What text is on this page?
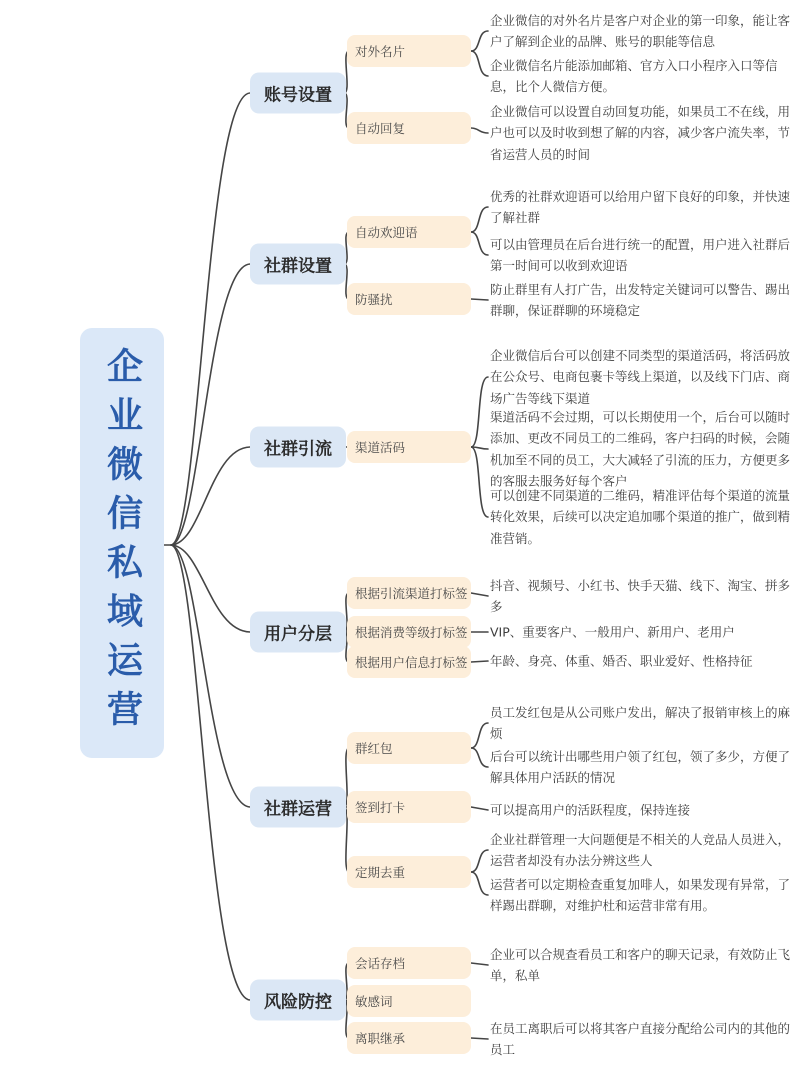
企业微信私域运营
账号设置
社群设置
社群引流
用户分层
社群运营
风险防控
对外名片
自动回复
自动欢迎语
防骚扰
渠道活码
根据引流渠道打标签
根据消费等级打标签
根据用户信息打标签
群红包
签到打卡
定期去重
会话存档
敏感词
离职继承
企业微信的对外名片是客户对企业的第一印象，能让客户了解到企业的品牌、账号的职能等信息
企业微信名片能添加邮箱、官方入口小程序入口等信息，比个人微信方便。
企业微信可以设置自动回复功能，如果员工不在线，用户也可以及时收到想了解的内容，减少客户流失率，节省运营人员的时间
优秀的社群欢迎语可以给用户留下良好的印象，并快速了解社群
可以由管理员在后台进行统一的配置，用户进入社群后第一时间可以收到欢迎语
防止群里有人打广告，出发特定关键词可以警告、踢出群聊，保证群聊的环境稳定
企业微信后台可以创建不同类型的渠道活码，将活码放在公众号、电商包裹卡等线上渠道，以及线下门店、商场广告等线下渠道
渠道活码不会过期，可以长期使用一个，后台可以随时添加、更改不同员工的二维码，客户扫码的时候，会随机加至不同的员工，大大减轻了引流的压力，方便更多的客服去服务好每个客户
可以创建不同渠道的二维码，精准评估每个渠道的流量转化效果，后续可以决定追加哪个渠道的推广，做到精准营销。
抖音、视频号、小红书、快手天猫、线下、淘宝、拼多多
VIP、重要客户、一般用户、新用户、老用户
年龄、身亮、体重、婚否、职业爱好、性格持征
员工发红包是从公司账户发出，解决了报销审核上的麻烦
后台可以统计出哪些用户领了红包，领了多少，方便了解具体用户活跃的情况
可以提高用户的活跃程度，保持连接
企业社群管理一大问题便是不相关的人竞品人员进入，运营者却没有办法分辨这些人
运营者可以定期检查重复加啡人，如果发现有异常，了样踢出群聊，对维护杜和运营非常有用。
企业可以合规查看员工和客户的聊天记录，有效防止飞单，私单
在员工离职后可以将其客户直接分配给公司内的其他的员工
